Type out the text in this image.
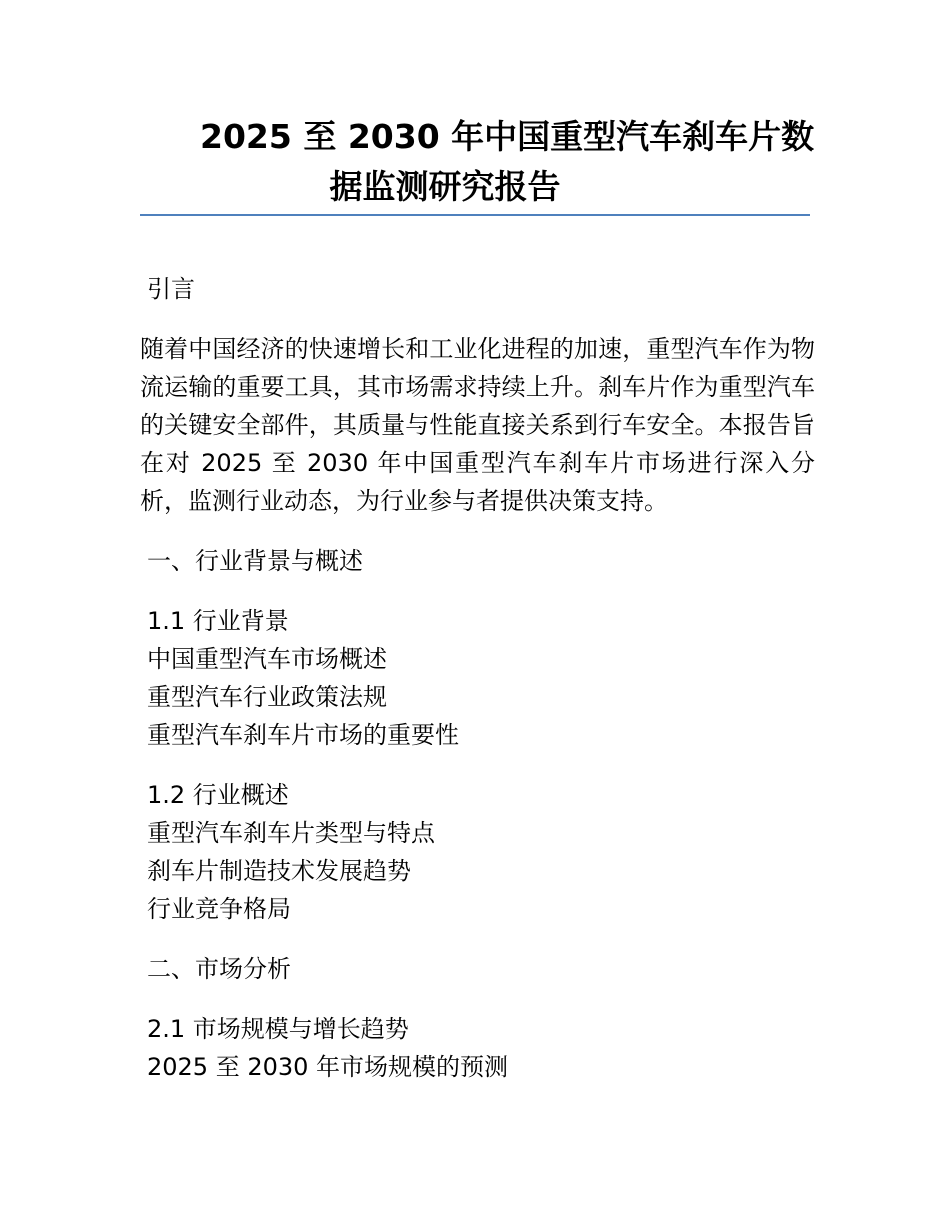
2025 至 2030 年中国重型汽车刹车片数
据监测研究报告
引言

随着中国经济的快速增长和工业化进程的加速，重型汽车作为物流运输的重要工具，其市场需求持续上升。刹车片作为重型汽车的关键安全部件，其质量与性能直接关系到行车安全。本报告旨在对 2025 至 2030 年中国重型汽车刹车片市场进行深入分析，监测行业动态，为行业参与者提供决策支持。

一、行业背景与概述
1.1 行业背景
中国重型汽车市场概述
重型汽车行业政策法规
重型汽车刹车片市场的重要性
1.2 行业概述
重型汽车刹车片类型与特点
刹车片制造技术发展趋势
行业竞争格局
二、市场分析
2.1 市场规模与增长趋势
2025 至 2030 年市场规模的预测
